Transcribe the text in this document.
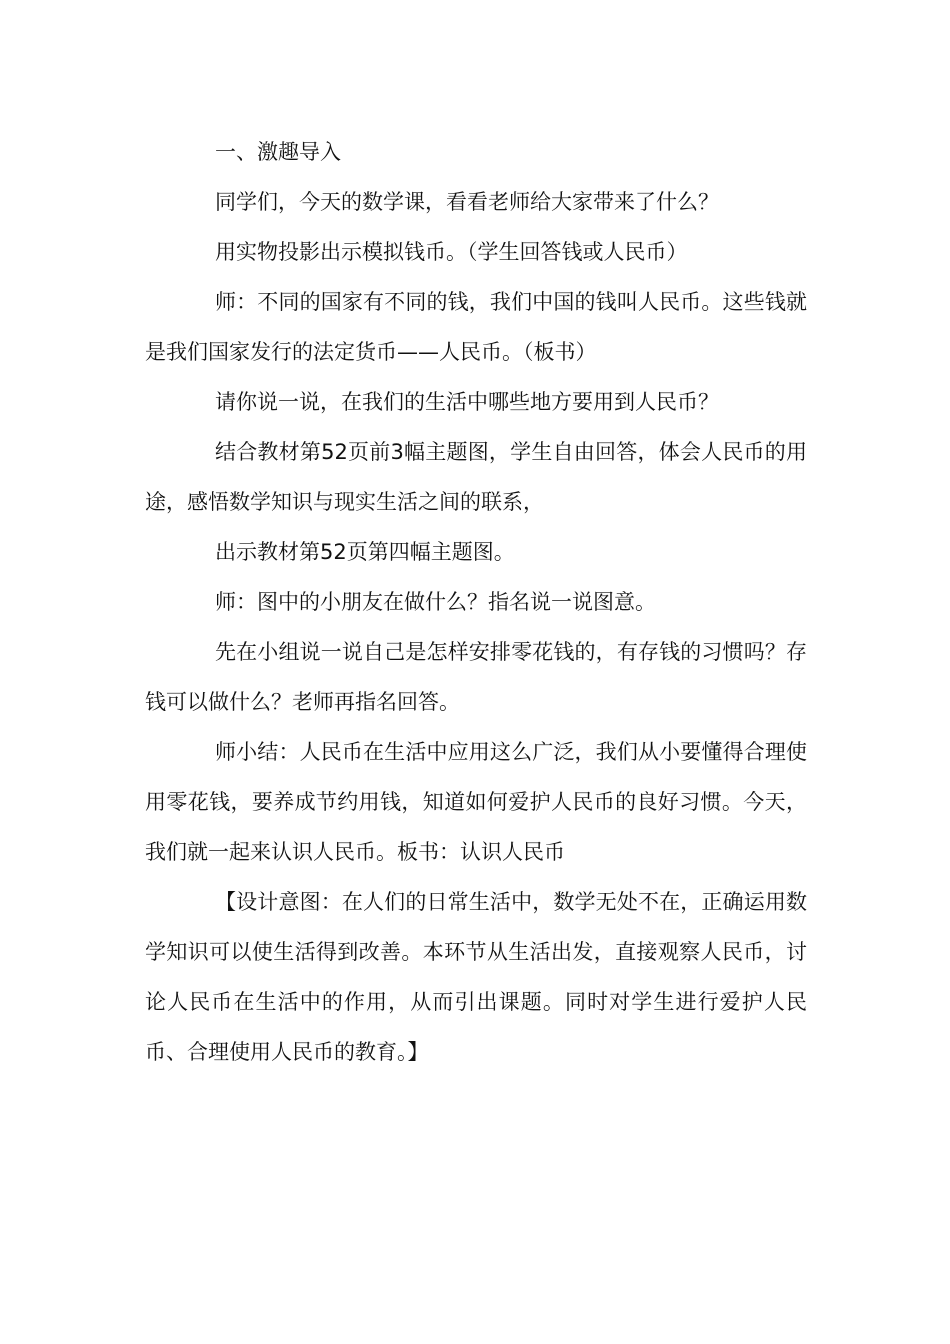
一、激趣导入

同学们，今天的数学课，看看老师给大家带来了什么？

用实物投影出示模拟钱币。（学生回答钱或人民币）

师：不同的国家有不同的钱，我们中国的钱叫人民币。这些钱就是我们国家发行的法定货币——人民币。（板书）

请你说一说，在我们的生活中哪些地方要用到人民币？

结合教材第52页前3幅主题图，学生自由回答，体会人民币的用途，感悟数学知识与现实生活之间的联系，

出示教材第52页第四幅主题图。

师：图中的小朋友在做什么？指名说一说图意。

先在小组说一说自己是怎样安排零花钱的，有存钱的习惯吗？存钱可以做什么？老师再指名回答。

师小结：人民币在生活中应用这么广泛，我们从小要懂得合理使用零花钱，要养成节约用钱，知道如何爱护人民币的良好习惯。今天，我们就一起来认识人民币。板书：认识人民币

【设计意图：在人们的日常生活中，数学无处不在，正确运用数学知识可以使生活得到改善。本环节从生活出发，直接观察人民币，讨论人民币在生活中的作用，从而引出课题。同时对学生进行爱护人民币、合理使用人民币的教育。】
